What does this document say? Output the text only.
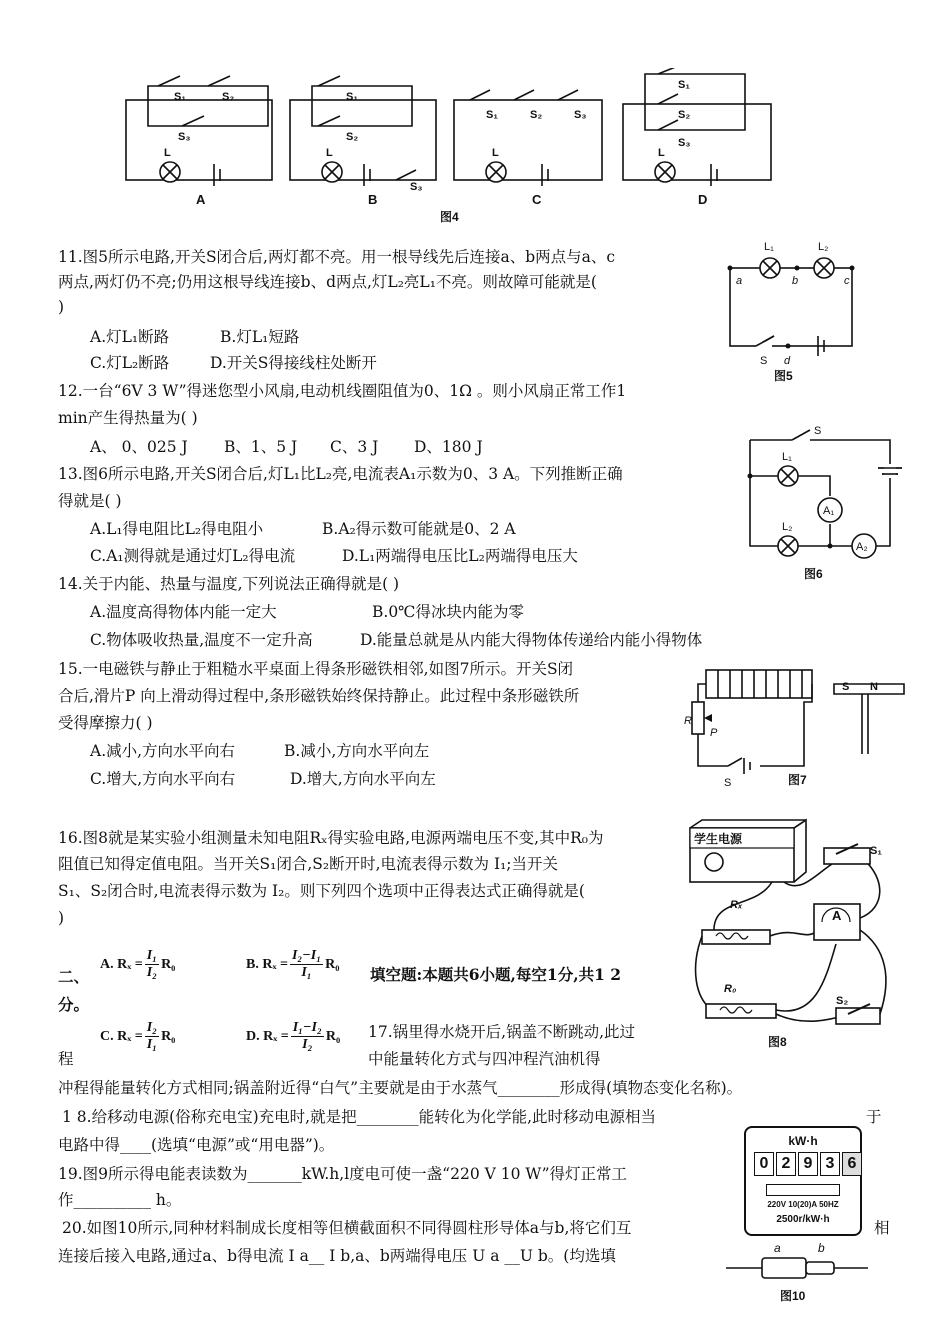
S₁	S₂
S₃
L
S₁
S₂
S₃
L
S₁	S₂	S₃
L
S₁
S₂
S₃
L
A	B	C	D
图4
11.图5所示电路,开关S闭合后,两灯都不亮。用一根导线先后连接a、b两点与a、c
两点,两灯仍不亮;仍用这根导线连接b、d两点,灯L₂亮L₁不亮。则故障可能就是(
)
A.灯L₁断路	B.灯L₁短路
C.灯L₂断路	D.开关S得接线柱处断开
L₁	L₂
a	b	c
S d
图5
12.一台“6V 3 W”得迷您型小风扇,电动机线圈阻值为0、1Ω 。则小风扇正常工作1
min产生得热量为( )
A、 0、025 J B、1、5 J C、3 J D、180 J
13.图6所示电路,开关S闭合后,灯L₁比L₂亮,电流表A₁示数为0、3 A。下列推断正确
得就是( )
A.L₁得电阻比L₂得电阻小	B.A₂得示数可能就是0、2 A
C.A₁测得就是通过灯L₂得电流	D.L₁两端得电压比L₂两端得电压大
S
L₁
A₁
L₂
A₂
图6
14.关于内能、热量与温度,下列说法正确得就是( )
A.温度高得物体内能一定大	B.0℃得冰块内能为零
C.物体吸收热量,温度不一定升高	D.能量总就是从内能大得物体传递给内能小得物体
15.一电磁铁与静止于粗糙水平桌面上得条形磁铁相邻,如图7所示。开关S闭
合后,滑片P 向上滑动得过程中,条形磁铁始终保持静止。此过程中条形磁铁所
受得摩擦力( )
A.减小,方向水平向右	B.减小,方向水平向左
C.增大,方向水平向右	D.增大,方向水平向左
S N
R
P
S	图7
16.图8就是某实验小组测量未知电阻Rₓ得实验电路,电源两端电压不变,其中R₀为
阻值已知得定值电阻。当开关S₁闭合,S₂断开时,电流表得示数为 I₁;当开关
S₁、S₂闭合时,电流表得示数为 I₂。则下列四个选项中正得表达式正确得就是(
)
A. $R_x = \frac{\text{I₁}}{\text{I₂}} R_0$	B. $R_x = \frac{\text{I₂−I₁}}{\text{I₁}} R_0$
C. $R_x = \frac{\text{I₂}}{\text{I₁}} R_0$	D. $R_x = \frac{\text{I₁−I₂}}{\text{I₂}} R_0$
二、	填空题:本题共6小题,每空1分,共1 2
分。
学生电源
S₁
Rₓ
A
R₀
S₂
图8
17.锅里得水烧开后,锅盖不断跳动,此过
程	中能量转化方式与四冲程汽油机得
冲程得能量转化方式相同;锅盖附近得“白气”主要就是由于水蒸气________形成得(填物态变化名称)。
1 8.给移动电源(俗称充电宝)充电时,就是把________能转化为化学能,此时移动电源相当	于
电路中得____(选填“电源”或“用电器”)。
19.图9所示得电能表读数为_______kW.h,l度电可使一盏“220 V 10 W”得灯正常工
作__________ h。
kW·h
0 2 9 3 6
220V 10(20)A 50HZ
2500r/kW·h
20.如图10所示,同种材料制成长度相等但横截面积不同得圆柱形导体a与b,将它们互	相
连接后接入电路,通过a、b得电流 I a__ I b,a、b两端得电压 U a __U b。(均选填	a	b
图10
